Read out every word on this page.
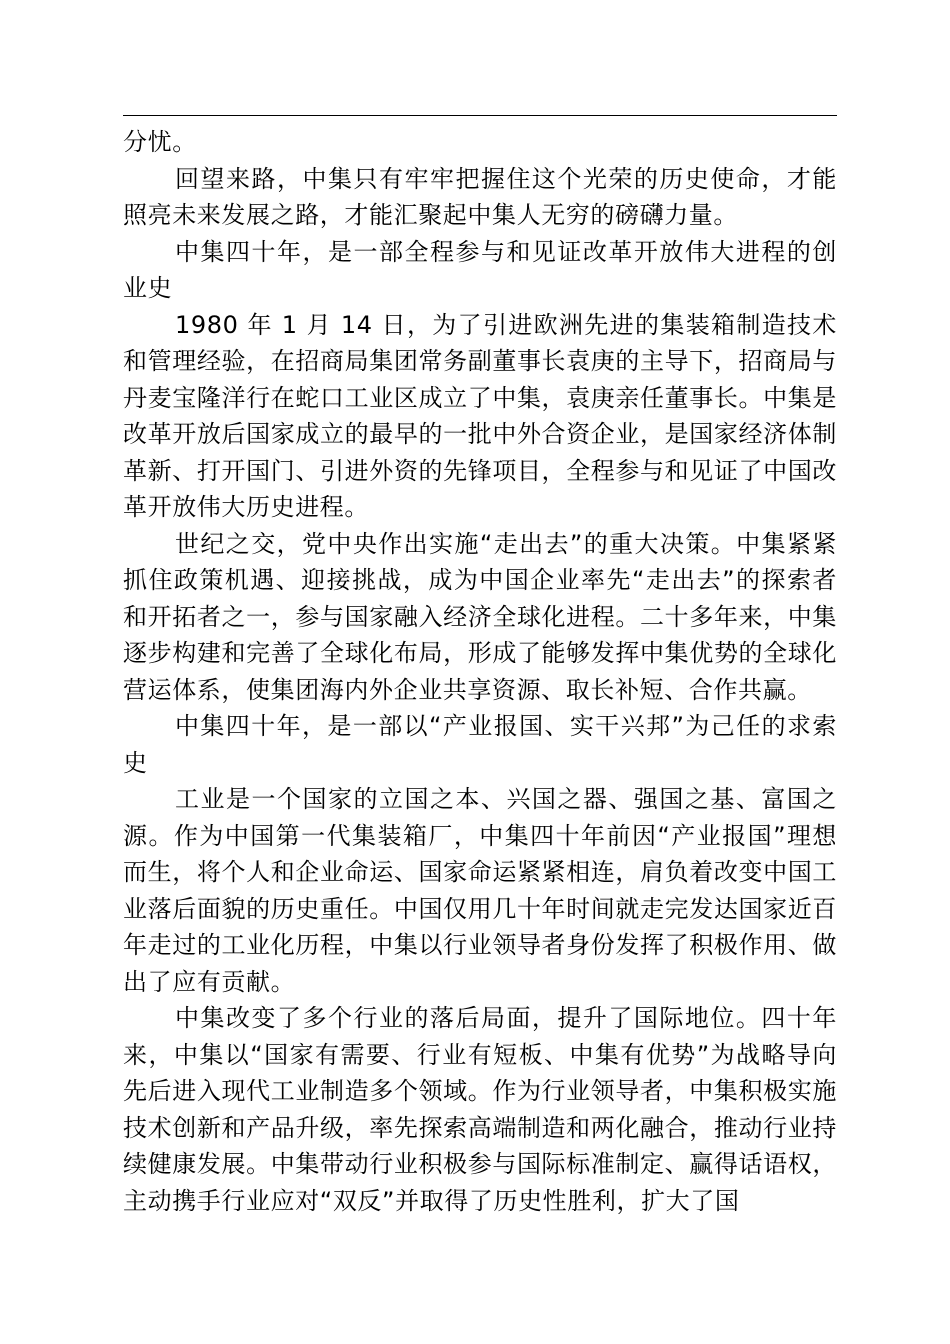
分忧。

回望来路，中集只有牢牢把握住这个光荣的历史使命，才能照亮未来发展之路，才能汇聚起中集人无穷的磅礴力量。

中集四十年，是一部全程参与和见证改革开放伟大进程的创业史

1980 年 1 月 14 日，为了引进欧洲先进的集装箱制造技术和管理经验，在招商局集团常务副董事长袁庚的主导下，招商局与丹麦宝隆洋行在蛇口工业区成立了中集，袁庚亲任董事长。中集是改革开放后国家成立的最早的一批中外合资企业，是国家经济体制革新、打开国门、引进外资的先锋项目，全程参与和见证了中国改革开放伟大历史进程。

世纪之交，党中央作出实施“走出去”的重大决策。中集紧紧抓住政策机遇、迎接挑战，成为中国企业率先“走出去”的探索者和开拓者之一，参与国家融入经济全球化进程。二十多年来，中集逐步构建和完善了全球化布局，形成了能够发挥中集优势的全球化营运体系，使集团海内外企业共享资源、取长补短、合作共赢。

中集四十年，是一部以“产业报国、实干兴邦”为己任的求索史

工业是一个国家的立国之本、兴国之器、强国之基、富国之源。作为中国第一代集装箱厂，中集四十年前因“产业报国”理想而生，将个人和企业命运、国家命运紧紧相连，肩负着改变中国工业落后面貌的历史重任。中国仅用几十年时间就走完发达国家近百年走过的工业化历程，中集以行业领导者身份发挥了积极作用、做出了应有贡献。

中集改变了多个行业的落后局面，提升了国际地位。四十年来，中集以“国家有需要、行业有短板、中集有优势”为战略导向先后进入现代工业制造多个领域。作为行业领导者，中集积极实施技术创新和产品升级，率先探索高端制造和两化融合，推动行业持续健康发展。中集带动行业积极参与国际标准制定、赢得话语权，主动携手行业应对“双反”并取得了历史性胜利，扩大了国
